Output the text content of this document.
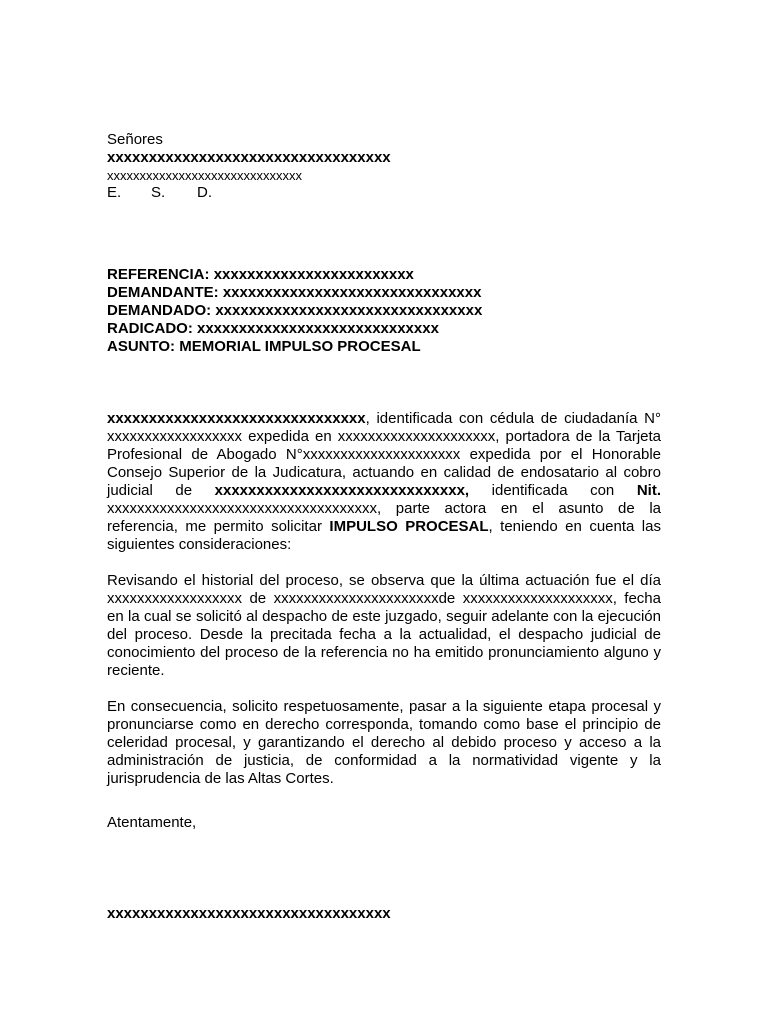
Señores
xxxxxxxxxxxxxxxxxxxxxxxxxxxxxxxxxx
xxxxxxxxxxxxxxxxxxxxxxxxxxxxxx
E. S. D.
REFERENCIA: xxxxxxxxxxxxxxxxxxxxxxxx
DEMANDANTE: xxxxxxxxxxxxxxxxxxxxxxxxxxxxxxx
DEMANDADO: xxxxxxxxxxxxxxxxxxxxxxxxxxxxxxxx
RADICADO: xxxxxxxxxxxxxxxxxxxxxxxxxxxxx
ASUNTO: MEMORIAL IMPULSO PROCESAL

xxxxxxxxxxxxxxxxxxxxxxxxxxxxxxx, identificada con cédula de ciudadanía N° xxxxxxxxxxxxxxxxxx expedida en xxxxxxxxxxxxxxxxxxxxx, portadora de la Tarjeta Profesional de Abogado N°xxxxxxxxxxxxxxxxxxxxx expedida por el Honorable Consejo Superior de la Judicatura, actuando en calidad de endosatario al cobro judicial de xxxxxxxxxxxxxxxxxxxxxxxxxxxxxx, identificada con Nit. xxxxxxxxxxxxxxxxxxxxxxxxxxxxxxxxxxxx, parte actora en el asunto de la referencia, me permito solicitar IMPULSO PROCESAL, teniendo en cuenta las siguientes consideraciones:

Revisando el historial del proceso, se observa que la última actuación fue el día xxxxxxxxxxxxxxxxxx de xxxxxxxxxxxxxxxxxxxxxxde xxxxxxxxxxxxxxxxxxxx, fecha en la cual se solicitó al despacho de este juzgado, seguir adelante con la ejecución del proceso. Desde la precitada fecha a la actualidad, el despacho judicial de conocimiento del proceso de la referencia no ha emitido pronunciamiento alguno y reciente.

En consecuencia, solicito respetuosamente, pasar a la siguiente etapa procesal y pronunciarse como en derecho corresponda, tomando como base el principio de celeridad procesal, y garantizando el derecho al debido proceso y acceso a la administración de justicia, de conformidad a la normatividad vigente y la jurisprudencia de las Altas Cortes.

Atentamente,
xxxxxxxxxxxxxxxxxxxxxxxxxxxxxxxxxx
